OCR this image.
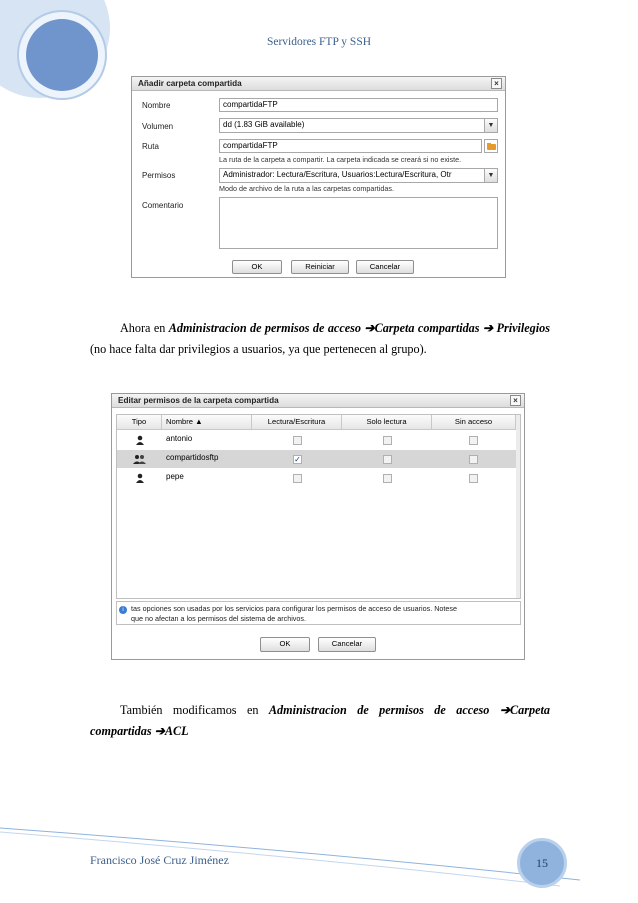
Servidores FTP y SSH
Añadir carpeta compartida	×
Nombre	compartidaFTP
Volumen	dd (1.83 GiB available)	▼
Ruta	compartidaFTP
La ruta de la carpeta a compartir. La carpeta indicada se creará si no existe.
Permisos	Administrador: Lectura/Escritura, Usuarios:Lectura/Escritura, Otr	▼
Modo de archivo de la ruta a las carpetas compartidas.
Comentario
OK	Reiniciar	Cancelar
Ahora en Administracion de permisos de acceso ➔Carpeta compartidas ➔ Privilegios (no hace falta dar privilegios a usuarios, ya que pertenecen al grupo).
Editar permisos de la carpeta compartida	×
Tipo	Nombre ▲	Lectura/Escritura	Solo lectura	Sin acceso
antonio
compartidosftp	✓
pepe
i	tas opciones son usadas por los servicios para configurar los permisos de acceso de usuarios. Notese
que no afectan a los permisos del sistema de archivos.
OK	Cancelar
También modificamos en Administracion de permisos de acceso ➔Carpeta compartidas ➔ACL
15
Francisco José Cruz Jiménez
